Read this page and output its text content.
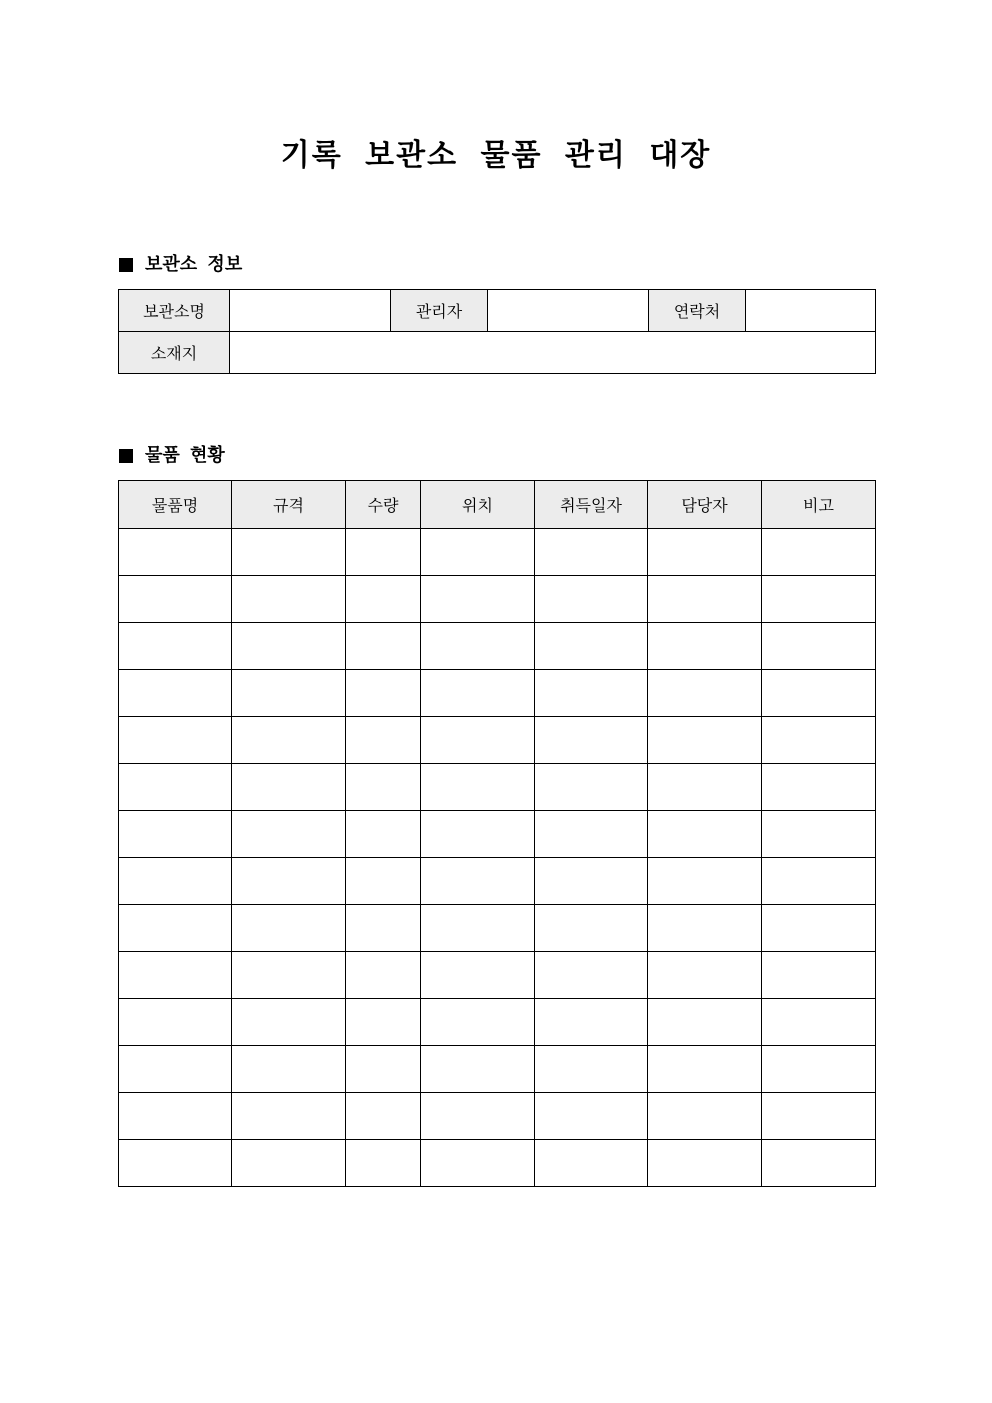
기록 보관소 물품 관리 대장
보관소 정보
보관소명		관리자		연락처	
소재지					
물품 현황
물품명	규격	수량	위치	취득일자	담당자	비고
